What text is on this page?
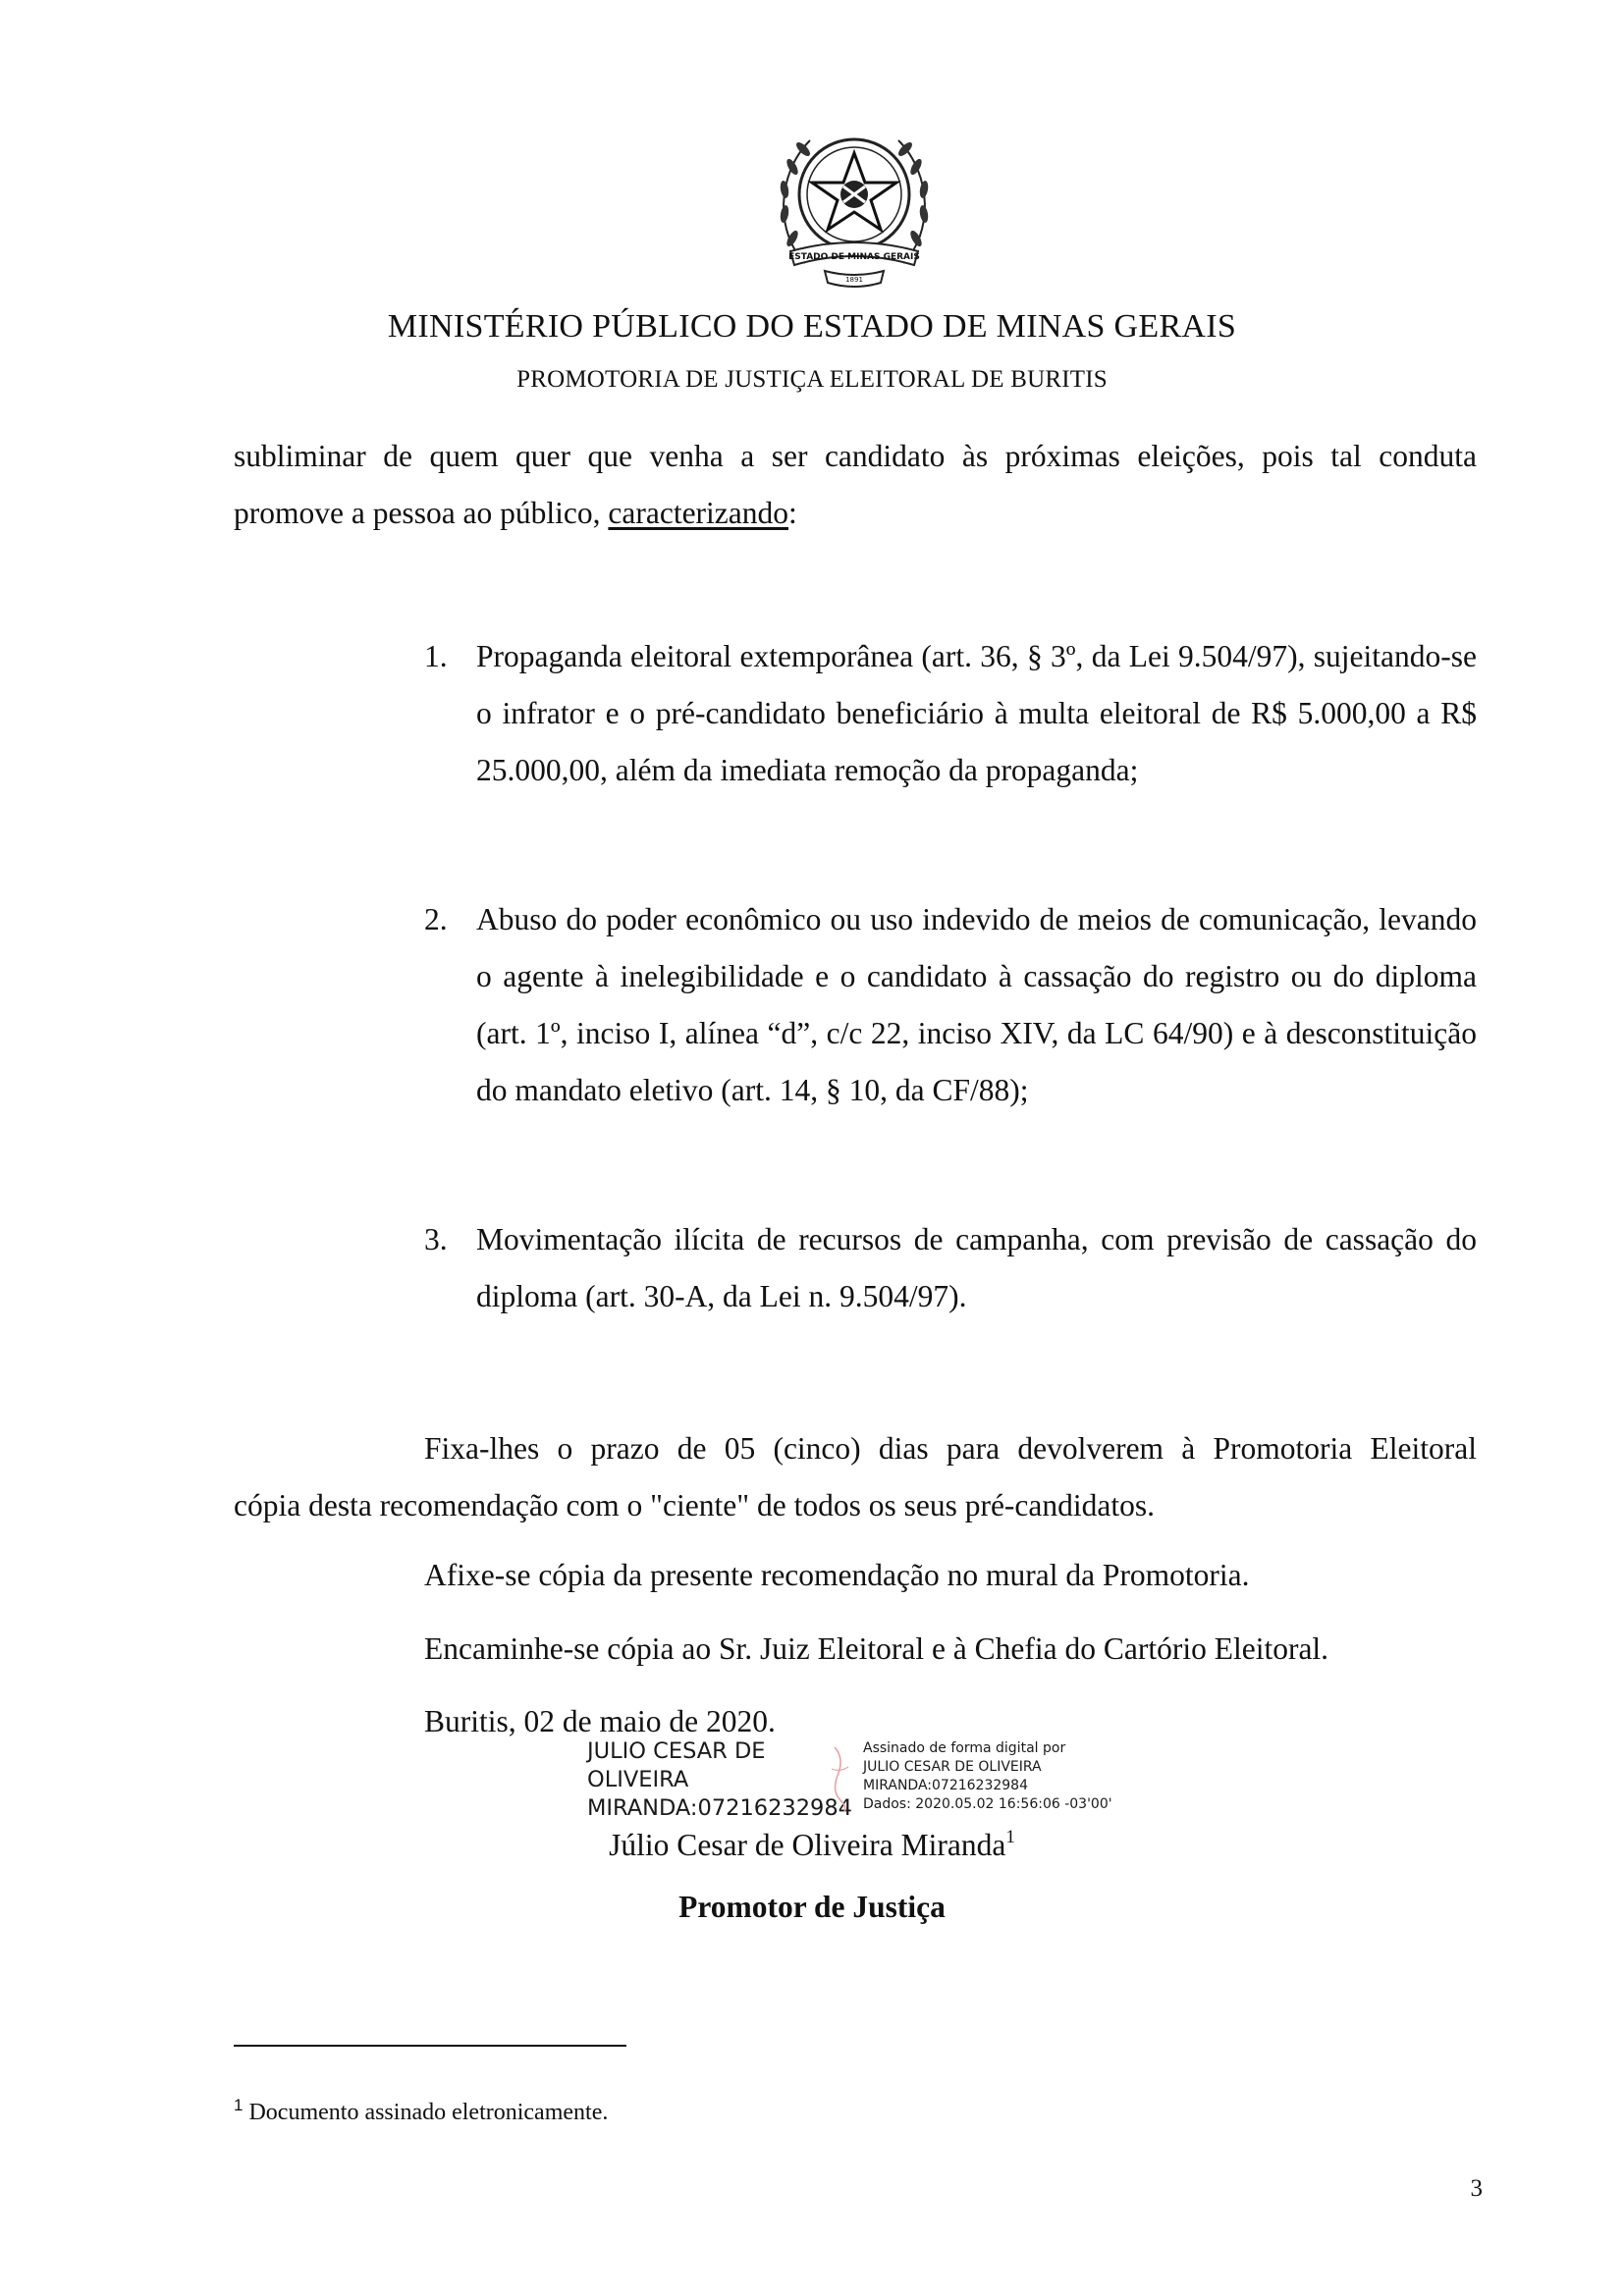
ESTADO DE MINAS GERAIS
1891
MINISTÉRIO PÚBLICO DO ESTADO DE MINAS GERAIS
PROMOTORIA DE JUSTIÇA ELEITORAL DE BURITIS
subliminar de quem quer que venha a ser candidato às próximas eleições, pois tal conduta
promove a pessoa ao público, caracterizando:
1. Propaganda eleitoral extemporânea (art. 36, § 3º, da Lei 9.504/97), sujeitando-se o infrator e o pré-candidato beneficiário à multa eleitoral de R$ 5.000,00 a R$ 25.000,00, além da imediata remoção da propaganda;
2. Abuso do poder econômico ou uso indevido de meios de comunicação, levando o agente à inelegibilidade e o candidato à cassação do registro ou do diploma (art. 1º, inciso I, alínea “d”, c/c 22, inciso XIV, da LC 64/90) e à desconstituição do mandato eletivo (art. 14, § 10, da CF/88);
3. Movimentação ilícita de recursos de campanha, com previsão de cassação do diploma (art. 30-A, da Lei n. 9.504/97).
Fixa-lhes o prazo de 05 (cinco) dias para devolverem à Promotoria Eleitoral
cópia desta recomendação com o "ciente" de todos os seus pré-candidatos.
Afixe-se cópia da presente recomendação no mural da Promotoria.
Encaminhe-se cópia ao Sr. Juiz Eleitoral e à Chefia do Cartório Eleitoral.
Buritis, 02 de maio de 2020.
JULIO CESAR DE
OLIVEIRA
MIRANDA:07216232984
Assinado de forma digital por
JULIO CESAR DE OLIVEIRA
MIRANDA:07216232984
Dados: 2020.05.02 16:56:06 -03'00'
Júlio Cesar de Oliveira Miranda$^1$
Promotor de Justiça
$^1$ Documento assinado eletronicamente.
3
